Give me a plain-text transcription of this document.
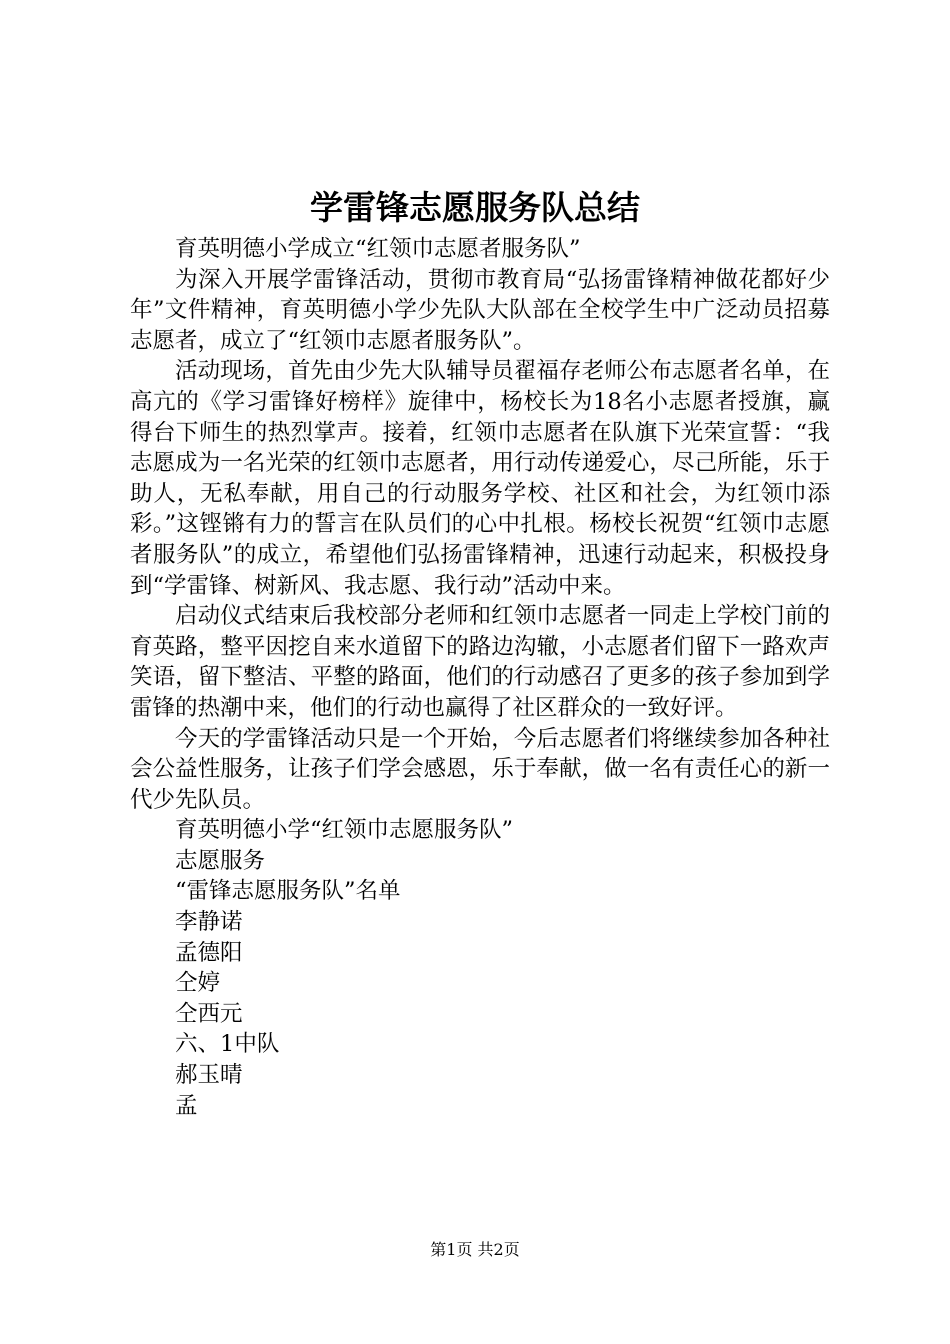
学雷锋志愿服务队总结

育英明德小学成立“红领巾志愿者服务队”

为深入开展学雷锋活动，贯彻市教育局“弘扬雷锋精神做花都好少年”文件精神，育英明德小学少先队大队部在全校学生中广泛动员招募志愿者，成立了“红领巾志愿者服务队”。

活动现场，首先由少先大队辅导员翟福存老师公布志愿者名单，在高亢的《学习雷锋好榜样》旋律中，杨校长为18名小志愿者授旗，赢得台下师生的热烈掌声。接着，红领巾志愿者在队旗下光荣宣誓：“我志愿成为一名光荣的红领巾志愿者，用行动传递爱心，尽己所能，乐于助人，无私奉献，用自己的行动服务学校、社区和社会，为红领巾添彩。”这铿锵有力的誓言在队员们的心中扎根。杨校长祝贺“红领巾志愿者服务队”的成立，希望他们弘扬雷锋精神，迅速行动起来，积极投身到“学雷锋、树新风、我志愿、我行动”活动中来。

启动仪式结束后我校部分老师和红领巾志愿者一同走上学校门前的育英路，整平因挖自来水道留下的路边沟辙，小志愿者们留下一路欢声笑语，留下整洁、平整的路面，他们的行动感召了更多的孩子参加到学雷锋的热潮中来，他们的行动也赢得了社区群众的一致好评。

今天的学雷锋活动只是一个开始，今后志愿者们将继续参加各种社会公益性服务，让孩子们学会感恩，乐于奉献，做一名有责任心的新一代少先队员。

育英明德小学“红领巾志愿服务队”

志愿服务

“雷锋志愿服务队”名单

李静诺

孟德阳

仝婷

仝西元

六、1中队

郝玉晴

孟

第1页 共2页
